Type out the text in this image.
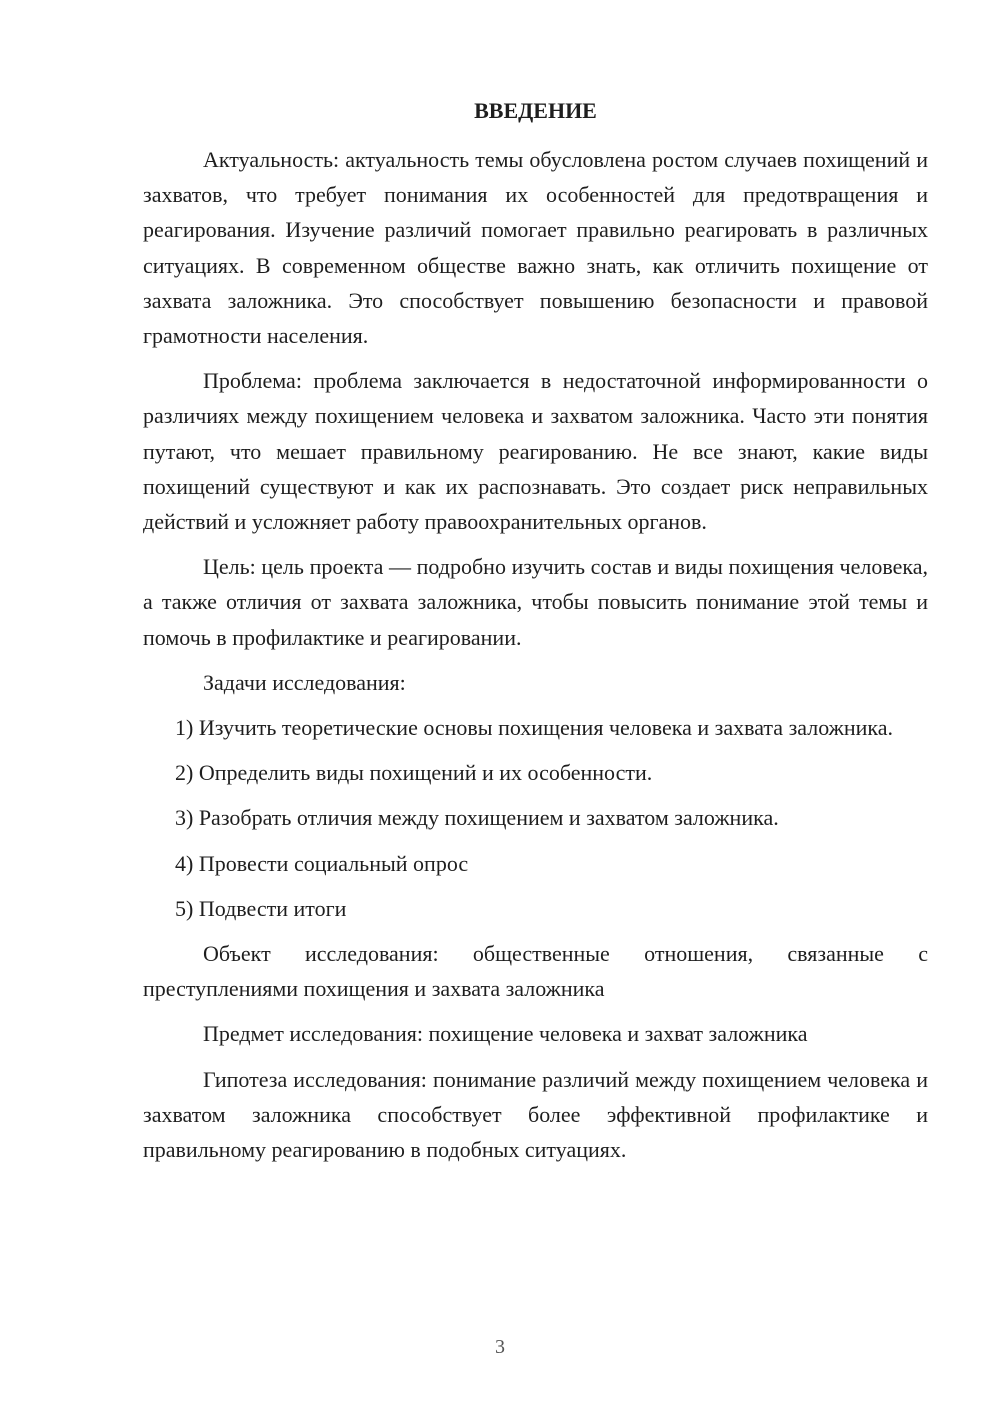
ВВЕДЕНИЕ

Актуальность: актуальность темы обусловлена ростом случаев похищений и захватов, что требует понимания их особенностей для предотвращения и реагирования. Изучение различий помогает правильно реагировать в различных ситуациях. В современном обществе важно знать, как отличить похищение от захвата заложника. Это способствует повышению безопасности и правовой грамотности населения.

Проблема: проблема заключается в недостаточной информированности о различиях между похищением человека и захватом заложника. Часто эти понятия путают, что мешает правильному реагированию. Не все знают, какие виды похищений существуют и как их распознавать. Это создает риск неправильных действий и усложняет работу правоохранительных органов.

Цель: цель проекта — подробно изучить состав и виды похищения человека, а также отличия от захвата заложника, чтобы повысить понимание этой темы и помочь в профилактике и реагировании.

Задачи исследования:

1) Изучить теоретические основы похищения человека и захвата заложника.

2) Определить виды похищений и их особенности.

3) Разобрать отличия между похищением и захватом заложника.

4) Провести социальный опрос

5) Подвести итоги

Объект исследования: общественные отношения, связанные с преступлениями похищения и захвата заложника

Предмет исследования: похищение человека и захват заложника

Гипотеза исследования: понимание различий между похищением человека и захватом заложника способствует более эффективной профилактике и правильному реагированию в подобных ситуациях.

3
